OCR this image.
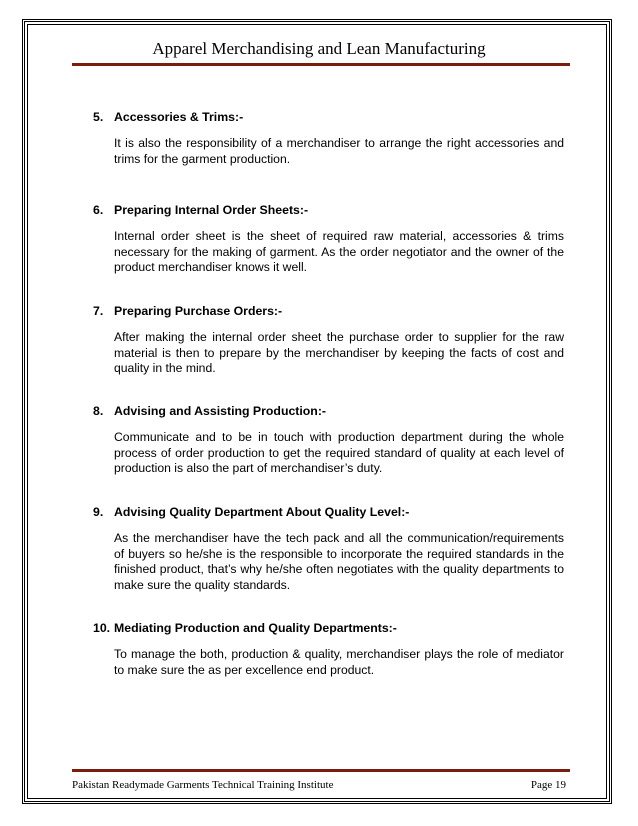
Apparel Merchandising and Lean Manufacturing
5. Accessories & Trims:-
It is also the responsibility of a merchandiser to arrange the right accessories and trims for the garment production.
6. Preparing Internal Order Sheets:-
Internal order sheet is the sheet of required raw material, accessories & trims necessary for the making of garment. As the order negotiator and the owner of the product merchandiser knows it well.
7. Preparing Purchase Orders:-
After making the internal order sheet the purchase order to supplier for the raw material is then to prepare by the merchandiser by keeping the facts of cost and quality in the mind.
8. Advising and Assisting Production:-
Communicate and to be in touch with production department during the whole process of order production to get the required standard of quality at each level of production is also the part of merchandiser’s duty.
9. Advising Quality Department About Quality Level:-
As the merchandiser have the tech pack and all the communication/requirements of buyers so he/she is the responsible to incorporate the required standards in the finished product, that’s why he/she often negotiates with the quality departments to make sure the quality standards.
10. Mediating Production and Quality Departments:-
To manage the both, production & quality, merchandiser plays the role of mediator to make sure the as per excellence end product.
Pakistan Readymade Garments Technical Training Institute	Page 19
